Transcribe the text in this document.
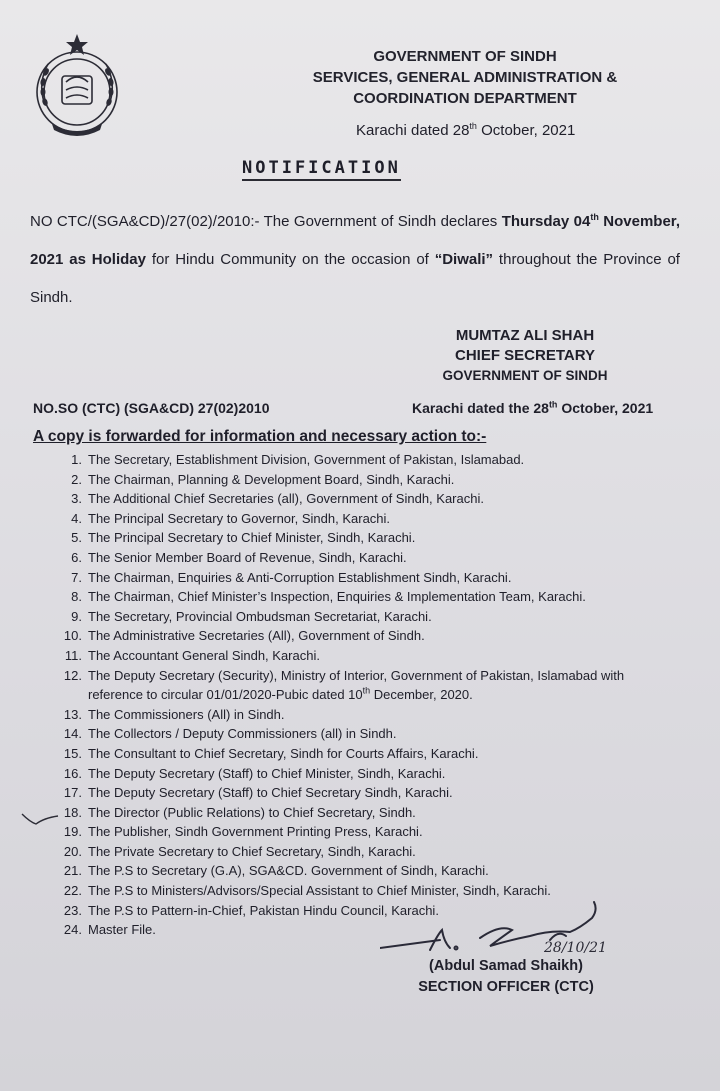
GOVERNMENT OF SINDH
SERVICES, GENERAL ADMINISTRATION &
COORDINATION DEPARTMENT
Karachi dated 28th October, 2021
NOTIFICATION
NO CTC/(SGA&CD)/27(02)/2010:- The Government of Sindh declares Thursday 04th November, 2021 as Holiday for Hindu Community on the occasion of “Diwali” throughout the Province of Sindh.
MUMTAZ ALI SHAH
CHIEF SECRETARY
GOVERNMENT OF SINDH
NO.SO (CTC) (SGA&CD) 27(02)2010	Karachi dated the 28th October, 2021
A copy is forwarded for information and necessary action to:-
1. The Secretary, Establishment Division, Government of Pakistan, Islamabad.
2. The Chairman, Planning & Development Board, Sindh, Karachi.
3. The Additional Chief Secretaries (all), Government of Sindh, Karachi.
4. The Principal Secretary to Governor, Sindh, Karachi.
5. The Principal Secretary to Chief Minister, Sindh, Karachi.
6. The Senior Member Board of Revenue, Sindh, Karachi.
7. The Chairman, Enquiries & Anti-Corruption Establishment Sindh, Karachi.
8. The Chairman, Chief Minister’s Inspection, Enquiries & Implementation Team, Karachi.
9. The Secretary, Provincial Ombudsman Secretariat, Karachi.
10. The Administrative Secretaries (All), Government of Sindh.
11. The Accountant General Sindh, Karachi.
12. The Deputy Secretary (Security), Ministry of Interior, Government of Pakistan, Islamabad with
reference to circular 01/01/2020-Pubic dated 10th December, 2020.
13. The Commissioners (All) in Sindh.
14. The Collectors / Deputy Commissioners (all) in Sindh.
15. The Consultant to Chief Secretary, Sindh for Courts Affairs, Karachi.
16. The Deputy Secretary (Staff) to Chief Minister, Sindh, Karachi.
17. The Deputy Secretary (Staff) to Chief Secretary Sindh, Karachi.
18. The Director (Public Relations) to Chief Secretary, Sindh.
19. The Publisher, Sindh Government Printing Press, Karachi.
20. The Private Secretary to Chief Secretary, Sindh, Karachi.
21. The P.S to Secretary (G.A), SGA&CD. Government of Sindh, Karachi.
22. The P.S to Ministers/Advisors/Special Assistant to Chief Minister, Sindh, Karachi.
23. The P.S to Pattern-in-Chief, Pakistan Hindu Council, Karachi.
24. Master File.
28/10/21
(Abdul Samad Shaikh)
SECTION OFFICER (CTC)
